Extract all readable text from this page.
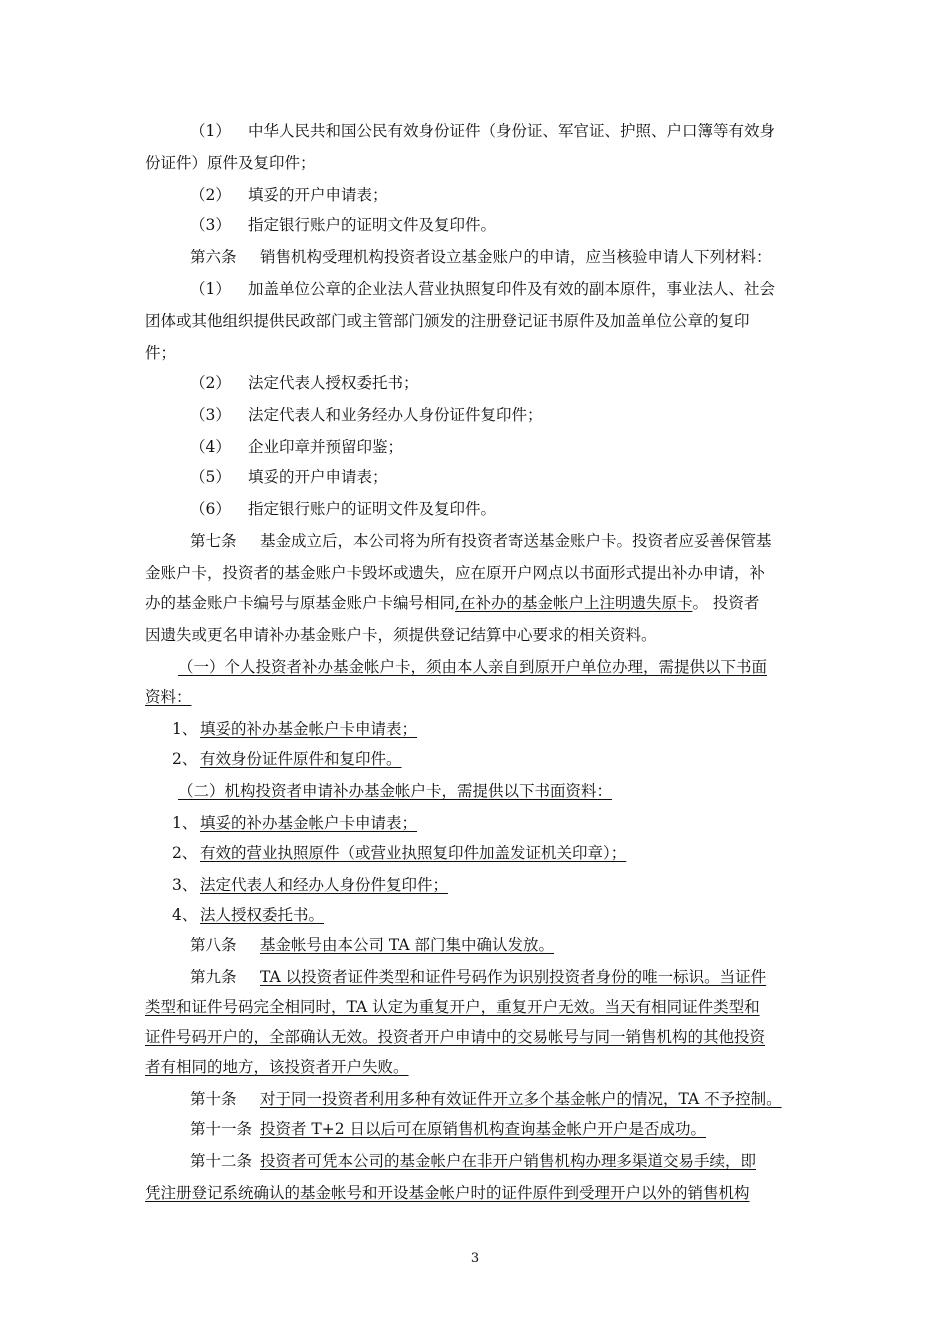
（1） 中华人民共和国公民有效身份证件（身份证、军官证、护照、户口簿等有效身
份证件）原件及复印件；
（2） 填妥的开户申请表；
（3） 指定银行账户的证明文件及复印件。
第六条 销售机构受理机构投资者设立基金账户的申请，应当核验申请人下列材料：
（1） 加盖单位公章的企业法人营业执照复印件及有效的副本原件，事业法人、社会
团体或其他组织提供民政部门或主管部门颁发的注册登记证书原件及加盖单位公章的复印
件；
（2） 法定代表人授权委托书；
（3） 法定代表人和业务经办人身份证件复印件；
（4） 企业印章并预留印鉴；
（5） 填妥的开户申请表；
（6） 指定银行账户的证明文件及复印件。
第七条 基金成立后，本公司将为所有投资者寄送基金账户卡。投资者应妥善保管基
金账户卡，投资者的基金账户卡毁坏或遗失，应在原开户网点以书面形式提出补办申请，补
办的基金账户卡编号与原基金账户卡编号相同,在补办的基金帐户上注明遗失原卡。 投资者
因遗失或更名申请补办基金账户卡，须提供登记结算中心要求的相关资料。
（一）个人投资者补办基金帐户卡，须由本人亲自到原开户单位办理，需提供以下书面
资料：
1、 填妥的补办基金帐户卡申请表；
2、 有效身份证件原件和复印件。
（二）机构投资者申请补办基金帐户卡，需提供以下书面资料：
1、 填妥的补办基金帐户卡申请表；
2、 有效的营业执照原件（或营业执照复印件加盖发证机关印章）；
3、 法定代表人和经办人身份件复印件；
4、 法人授权委托书。
第八条 基金帐号由本公司 TA 部门集中确认发放。
第九条 TA 以投资者证件类型和证件号码作为识别投资者身份的唯一标识。当证件
类型和证件号码完全相同时，TA 认定为重复开户，重复开户无效。当天有相同证件类型和
证件号码开户的，全部确认无效。投资者开户申请中的交易帐号与同一销售机构的其他投资
者有相同的地方，该投资者开户失败。
第十条 对于同一投资者利用多种有效证件开立多个基金帐户的情况，TA 不予控制。
第十一条 投资者 T+2 日以后可在原销售机构查询基金帐户开户是否成功。
第十二条 投资者可凭本公司的基金帐户在非开户销售机构办理多渠道交易手续，即
凭注册登记系统确认的基金帐号和开设基金帐户时的证件原件到受理开户以外的销售机构
3
